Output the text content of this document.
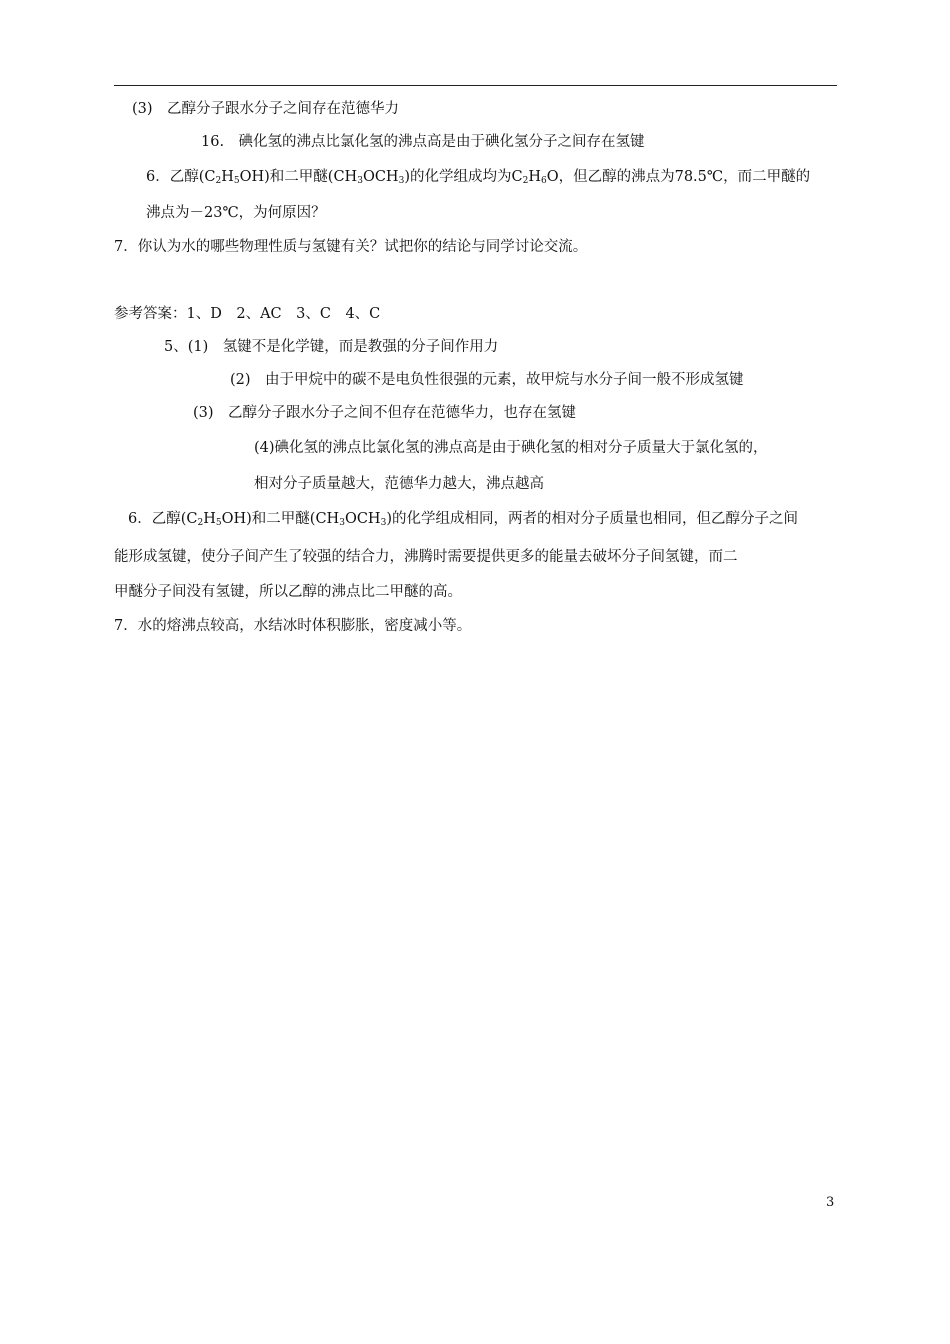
(3)　乙醇分子跟水分子之间存在范德华力
16.　碘化氢的沸点比氯化氢的沸点高是由于碘化氢分子之间存在氢键
6．乙醇$(C_2H_5OH)$和二甲醚$(CH_3OCH_3)$的化学组成均为$C_2H_6O$，但乙醇的沸点为78.5℃，而二甲醚的
沸点为－23℃，为何原因？
7．你认为水的哪些物理性质与氢键有关？试把你的结论与同学讨论交流。
参考答案：1、D　2、AC　3、C　4、C
5、(1)　氢键不是化学键，而是教强的分子间作用力
(2)　由于甲烷中的碳不是电负性很强的元素，故甲烷与水分子间一般不形成氢键
(3)　乙醇分子跟水分子之间不但存在范德华力，也存在氢键
(4)碘化氢的沸点比氯化氢的沸点高是由于碘化氢的相对分子质量大于氯化氢的，
相对分子质量越大，范德华力越大，沸点越高
6．乙醇$(C_2H_5OH)$和二甲醚$(CH_3OCH_3)$的化学组成相同，两者的相对分子质量也相同，但乙醇分子之间
能形成氢键，使分子间产生了较强的结合力，沸腾时需要提供更多的能量去破坏分子间氢键，而二
甲醚分子间没有氢键，所以乙醇的沸点比二甲醚的高。
7．水的熔沸点较高，水结冰时体积膨胀，密度减小等。
3
